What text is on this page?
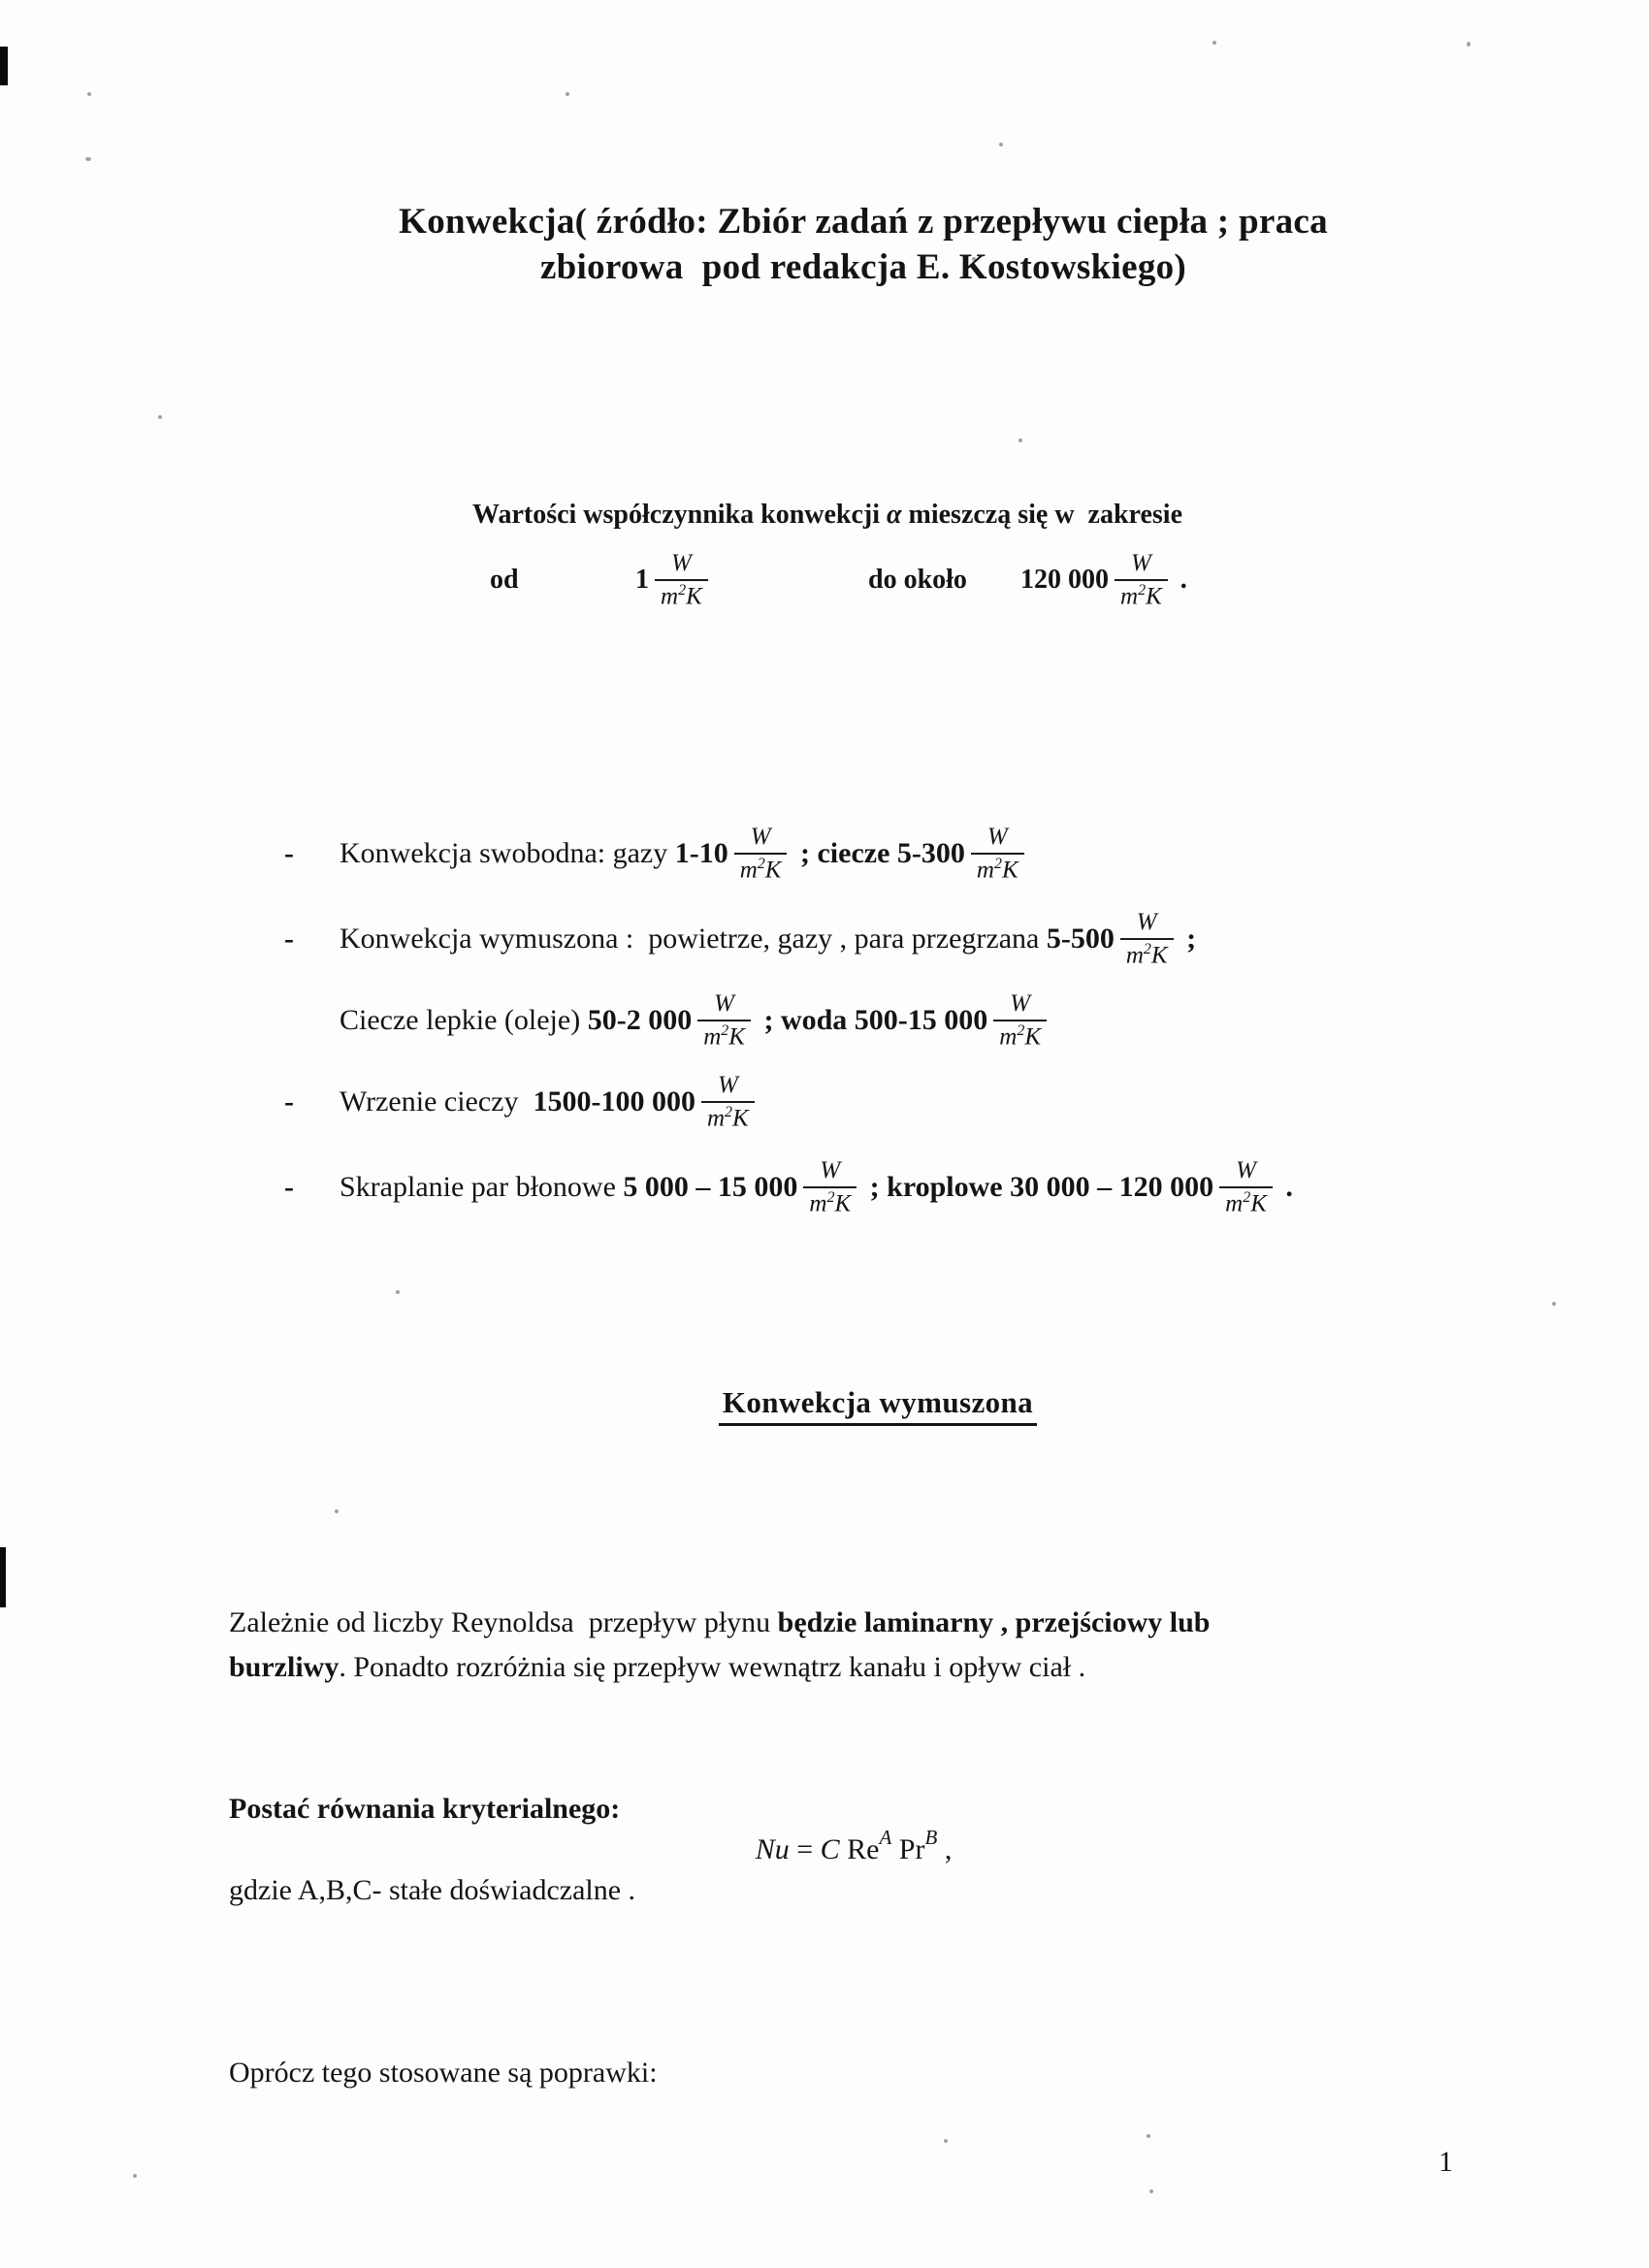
Konwekcja( źródło: Zbiór zadań z przepływu ciepła ; praca
zbiorowa  pod redakcja E. Kostowskiego)
Wartości współczynnika konwekcji α mieszczą się w  zakresie
od	$1 \frac{W}{m^2K}$	do około 120 $000 \frac{W}{m^2K}$ .
-	Konwekcja swobodna: gazy $1-10 \frac{W}{m^2K}$ ; ciecze $5-300 \frac{W}{m^2K}$
-	Konwekcja wymuszona :  powietrze, gazy , para przegrzana $5-500 \frac{W}{m^2K}$ ;
Ciecze lepkie (oleje) 50-2 $000 \frac{W}{m^2K}$ ; woda 500-15 $000 \frac{W}{m^2K}$
-	Wrzenie cieczy 1500-100 $000 \frac{W}{m^2K}$
-	Skraplanie par błonowe 5 000 – 15 $000 \frac{W}{m^2K}$ ; kroplowe 30 000 – 120 $000 \frac{W}{m^2K}$ .
Konwekcja wymuszona
Zależnie od liczby Reynoldsa  przepływ płynu będzie laminarny , przejściowy lub
burzliwy. Ponadto rozróżnia się przepływ wewnątrz kanału i opływ ciał .
Postać równania kryterialnego:
Nu = C $Re^A$ $Pr^B$ ,
gdzie A,B,C- stałe doświadczalne .
Oprócz tego stosowane są poprawki:
1
